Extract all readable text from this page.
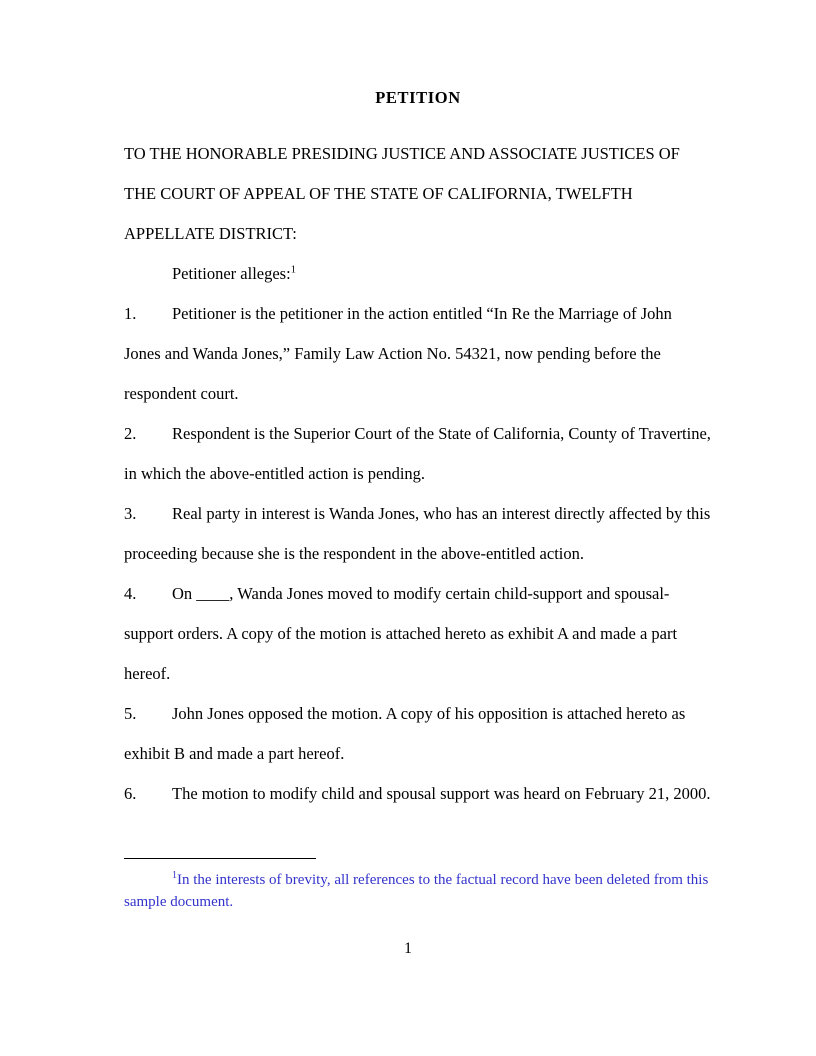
PETITION

TO THE HONORABLE PRESIDING JUSTICE AND ASSOCIATE JUSTICES OF

THE COURT OF APPEAL OF THE STATE OF CALIFORNIA, TWELFTH

APPELLATE DISTRICT:

Petitioner alleges:$^1$

1. Petitioner is the petitioner in the action entitled “In Re the Marriage of John Jones and Wanda Jones,” Family Law Action No. 54321, now pending before the respondent court.

2. Respondent is the Superior Court of the State of California, County of Travertine, in which the above-entitled action is pending.

3. Real party in interest is Wanda Jones, who has an interest directly affected by this proceeding because she is the respondent in the above-entitled action.

4. On ____, Wanda Jones moved to modify certain child-support and spousal-support orders. A copy of the motion is attached hereto as exhibit A and made a part hereof.

5. John Jones opposed the motion. A copy of his opposition is attached hereto as exhibit B and made a part hereof.

6. The motion to modify child and spousal support was heard on February 21, 2000.

$^1$In the interests of brevity, all references to the factual record have been deleted from this sample document.

1
